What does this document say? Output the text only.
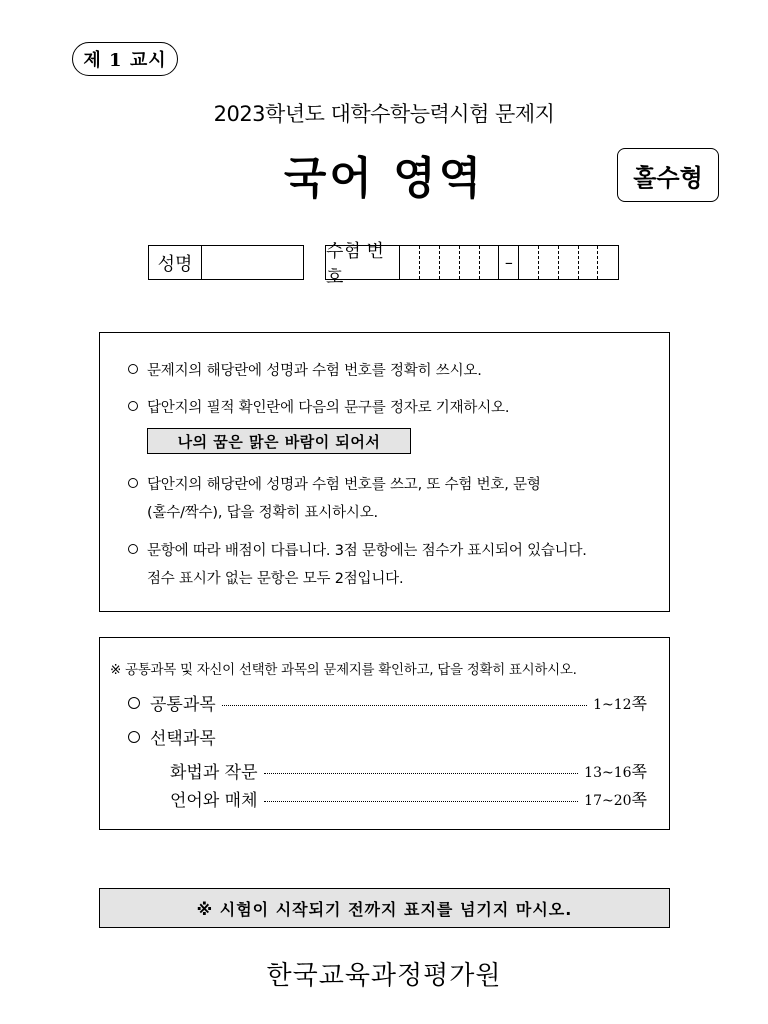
제 1 교시
2023학년도 대학수학능력시험 문제지
국어 영역	홀수형
성명
수험 번호
–
문제지의 해당란에 성명과 수험 번호를 정확히 쓰시오.
답안지의 필적 확인란에 다음의 문구를 정자로 기재하시오.
나의 꿈은 맑은 바람이 되어서
답안지의 해당란에 성명과 수험 번호를 쓰고, 또 수험 번호, 문형
(홀수/짝수), 답을 정확히 표시하시오.
문항에 따라 배점이 다릅니다. 3점 문항에는 점수가 표시되어 있습니다.
점수 표시가 없는 문항은 모두 2점입니다.
※ 공통과목 및 자신이 선택한 과목의 문제지를 확인하고, 답을 정확히 표시하시오.
공통과목	1~12쪽
선택과목
화법과 작문	13~16쪽
언어와 매체	17~20쪽
※ 시험이 시작되기 전까지 표지를 넘기지 마시오.
한국교육과정평가원
